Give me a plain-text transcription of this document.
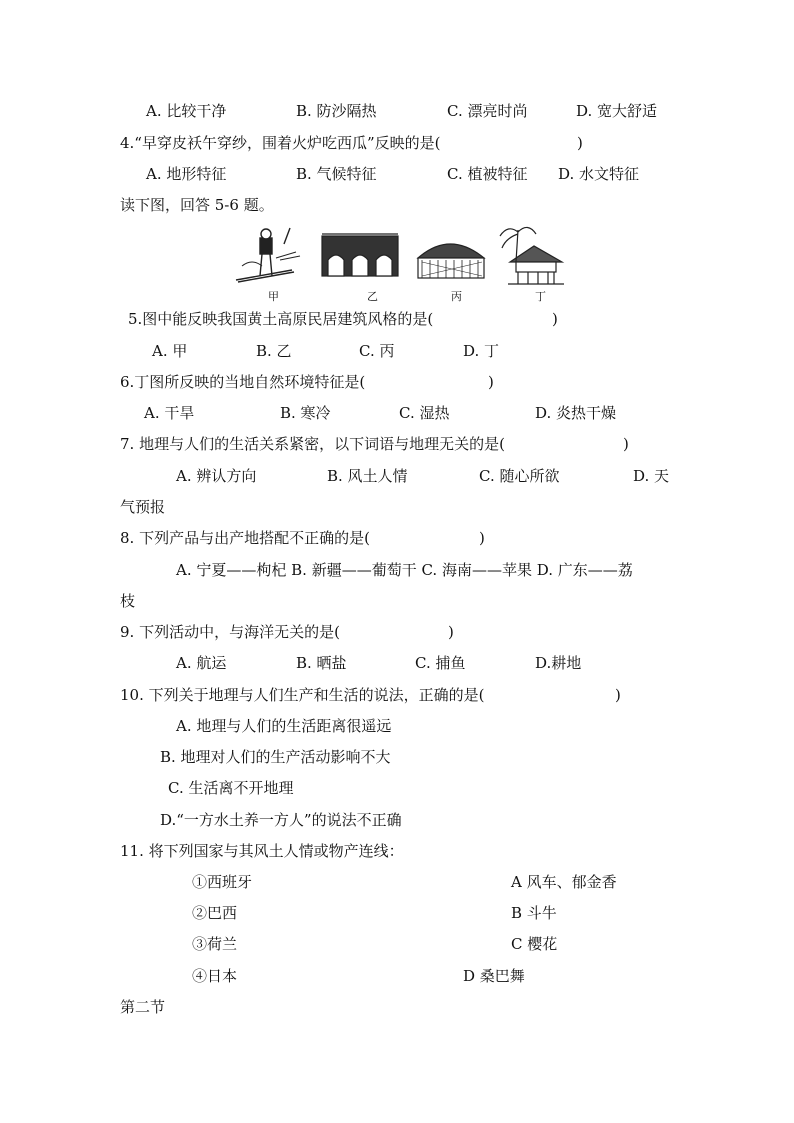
A. 比较干净	B. 防沙隔热	C. 漂亮时尚	D. 宽大舒适
4.“早穿皮袄午穿纱，围着火炉吃西瓜”反映的是(	)
A. 地形特征	B. 气候特征	C. 植被特征 D. 水文特征
读下图，回答 5-6 题。
甲	乙	丙	丁
5.图中能反映我国黄土高原民居建筑风格的是(	)
A. 甲	B. 乙	C. 丙	D. 丁
6.丁图所反映的当地自然环境特征是(	)
A. 干旱	B. 寒冷	C. 湿热	D. 炎热干燥
7. 地理与人们的生活关系紧密，以下词语与地理无关的是(	)
A. 辨认方向	B. 风土人情	C. 随心所欲	D. 天
气预报
8. 下列产品与出产地搭配不正确的是(	)
A. 宁夏——枸杞 B. 新疆——葡萄干 C. 海南——苹果 D. 广东——荔
枝
9. 下列活动中，与海洋无关的是(	)
A. 航运	B. 晒盐	C. 捕鱼	D.耕地
10. 下列关于地理与人们生产和生活的说法，正确的是(	)
A. 地理与人们的生活距离很遥远
B. 地理对人们的生产活动影响不大
C. 生活离不开地理
D.“一方水土养一方人”的说法不正确
11. 将下列国家与其风土人情或物产连线：
①西班牙	A 风车、郁金香
②巴西	B 斗牛
③荷兰	C 樱花
④日本	D 桑巴舞
第二节
